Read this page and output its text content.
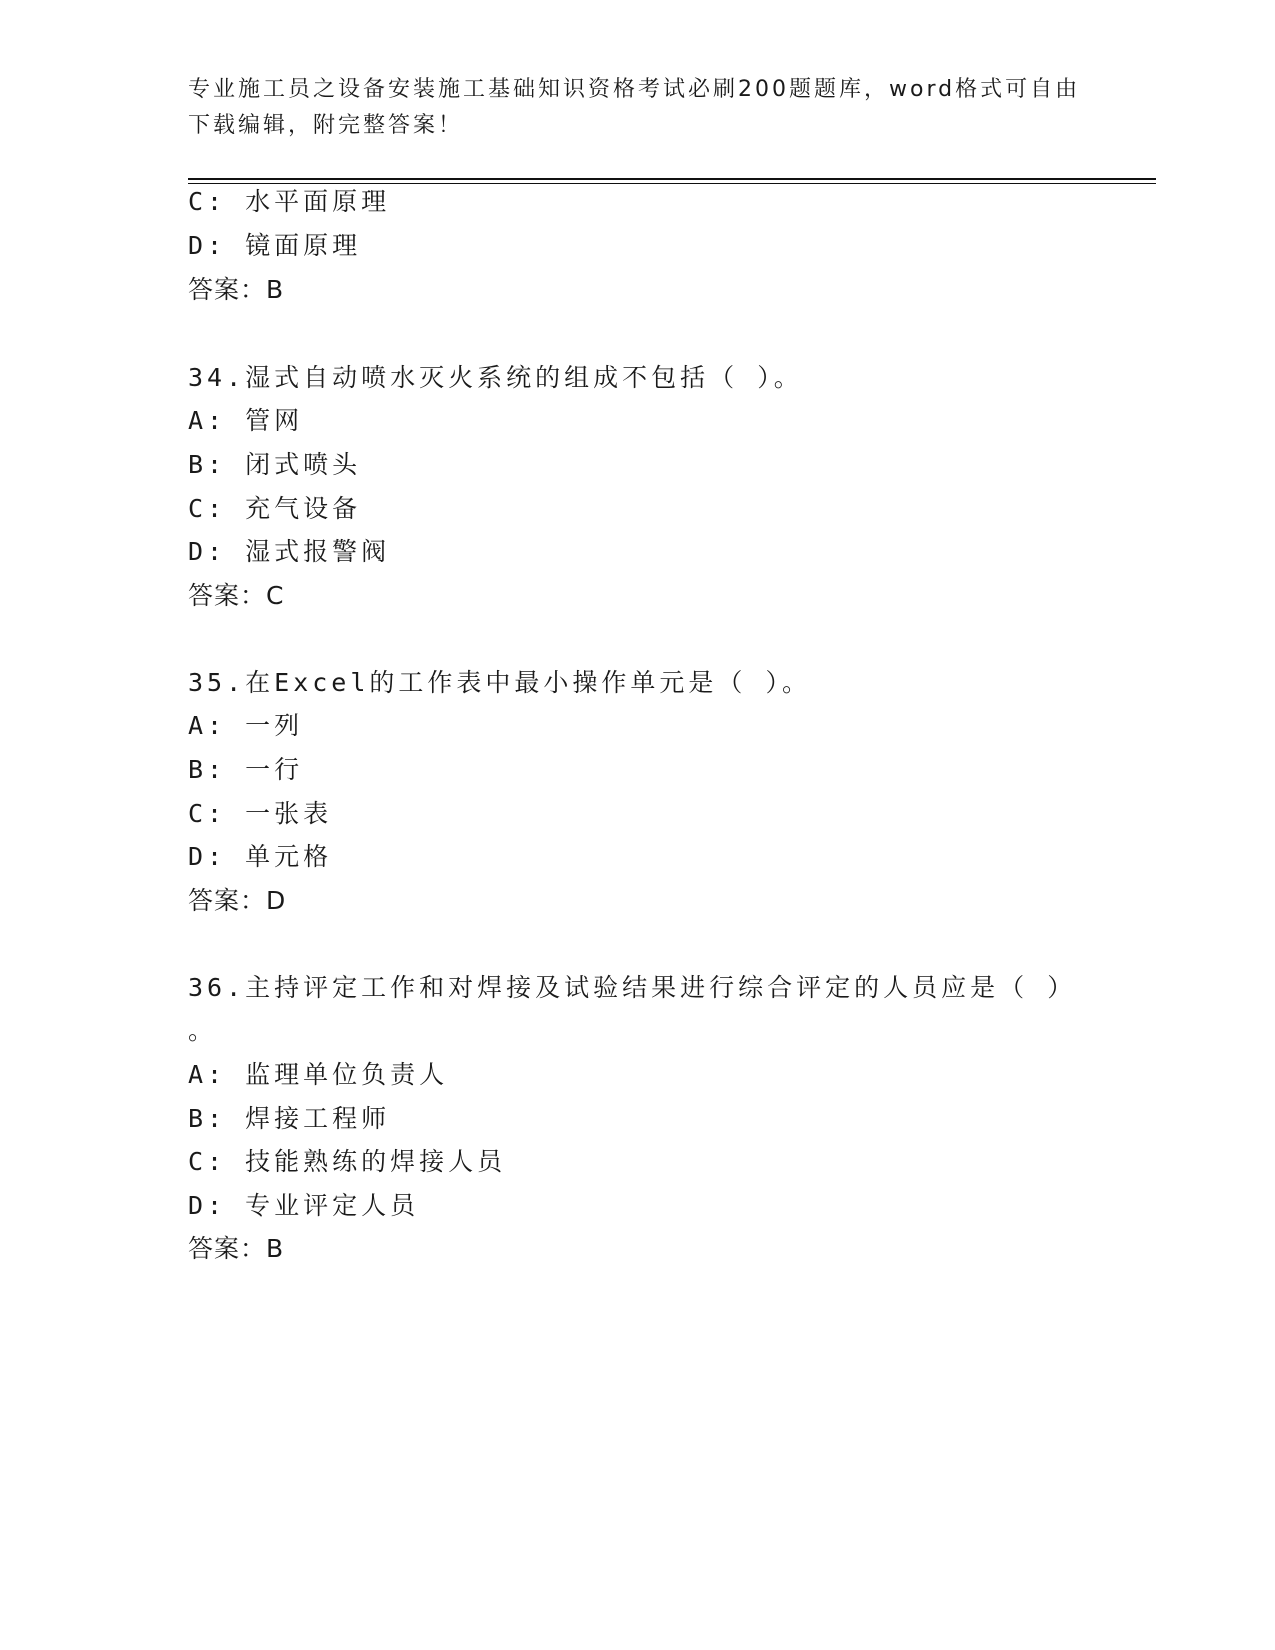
专业施工员之设备安装施工基础知识资格考试必刷200题题库，word格式可自由
下载编辑，附完整答案！
C: 水平面原理
D: 镜面原理
答案：B
34.湿式自动喷水灭火系统的组成不包括（ ）。
A: 管网
B: 闭式喷头
C: 充气设备
D: 湿式报警阀
答案：C
35.在Excel的工作表中最小操作单元是（ ）。
A: 一列
B: 一行
C: 一张表
D: 单元格
答案：D
36.主持评定工作和对焊接及试验结果进行综合评定的人员应是（ ）
。
A: 监理单位负责人
B: 焊接工程师
C: 技能熟练的焊接人员
D: 专业评定人员
答案：B
